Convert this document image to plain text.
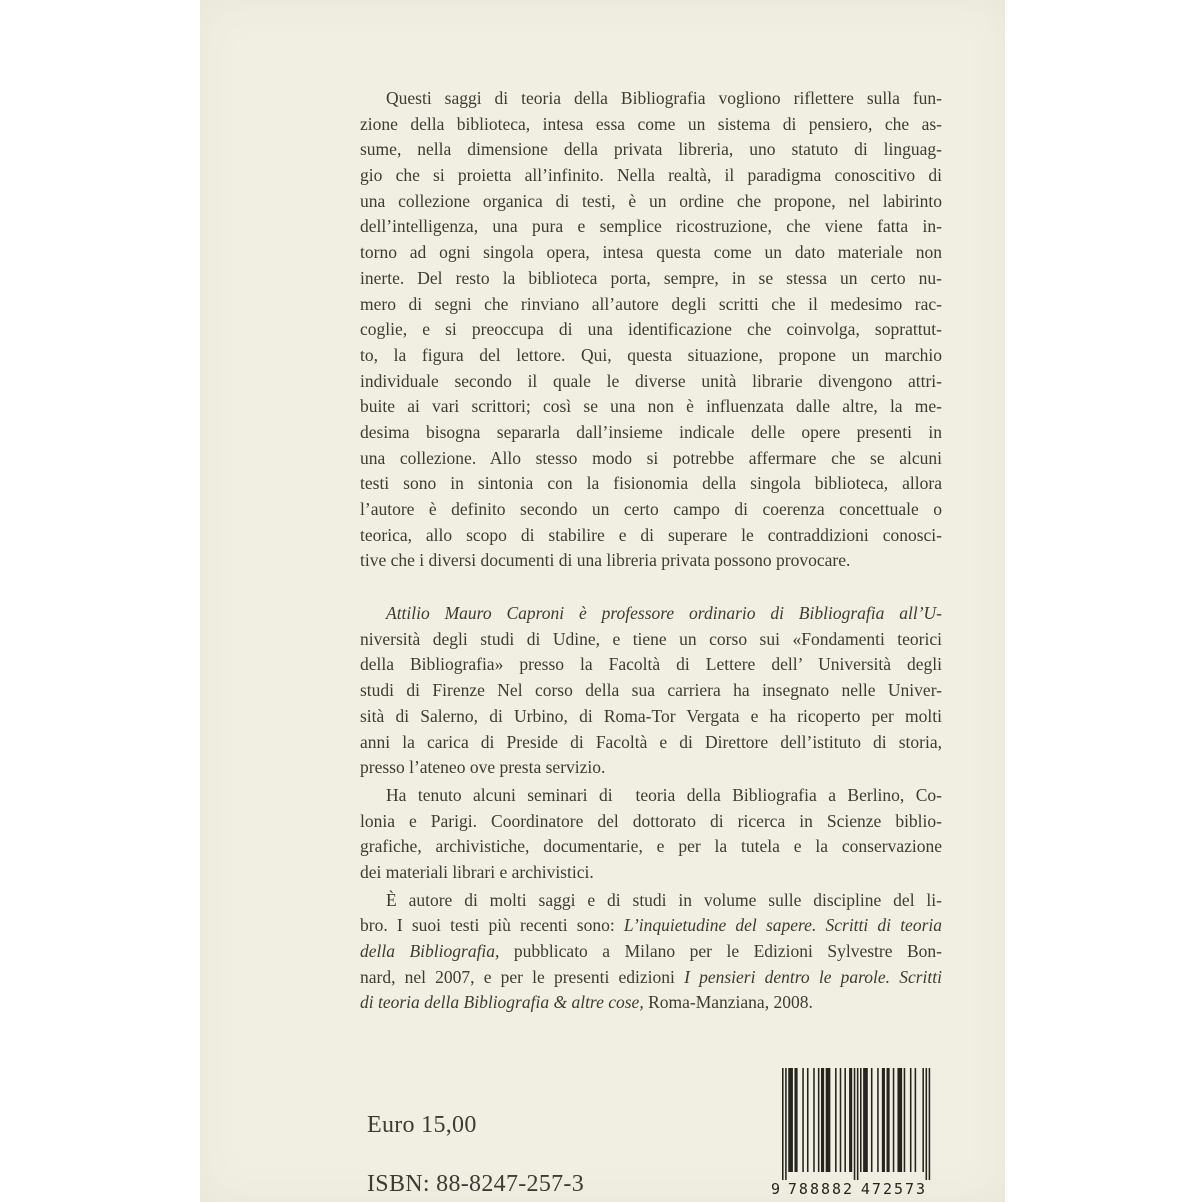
Questi saggi di teoria della Bibliografia vogliono riflettere sulla fun-
zione della biblioteca, intesa essa come un sistema di pensiero, che as-
sume, nella dimensione della privata libreria, uno statuto di linguag-
gio che si proietta all’infinito. Nella realtà, il paradigma conoscitivo di
una collezione organica di testi, è un ordine che propone, nel labirinto
dell’intelligenza, una pura e semplice ricostruzione, che viene fatta in-
torno ad ogni singola opera, intesa questa come un dato materiale non
inerte. Del resto la biblioteca porta, sempre, in se stessa un certo nu-
mero di segni che rinviano all’autore degli scritti che il medesimo rac-
coglie, e si preoccupa di una identificazione che coinvolga, soprattut-
to, la figura del lettore. Qui, questa situazione, propone un marchio
individuale secondo il quale le diverse unità librarie divengono attri-
buite ai vari scrittori; così se una non è influenzata dalle altre, la me-
desima bisogna separarla dall’insieme indicale delle opere presenti in
una collezione. Allo stesso modo si potrebbe affermare che se alcuni
testi sono in sintonia con la fisionomia della singola biblioteca, allora
l’autore è definito secondo un certo campo di coerenza concettuale o
teorica, allo scopo di stabilire e di superare le contraddizioni conosci-
tive che i diversi documenti di una libreria privata possono provocare.
Attilio Mauro Caproni è professore ordinario di Bibliografia all’U-
niversità degli studi di Udine, e tiene un corso sui «Fondamenti teorici
della Bibliografia» presso la Facoltà di Lettere dell’ Università degli
studi di Firenze Nel corso della sua carriera ha insegnato nelle Univer-
sità di Salerno, di Urbino, di Roma-Tor Vergata e ha ricoperto per molti
anni la carica di Preside di Facoltà e di Direttore dell’istituto di storia,
presso l’ateneo ove presta servizio.
Ha tenuto alcuni seminari di  teoria della Bibliografia a Berlino, Co-
lonia e Parigi. Coordinatore del dottorato di ricerca in Scienze biblio-
grafiche, archivistiche, documentarie, e per la tutela e la conservazione
dei materiali librari e archivistici.
È autore di molti saggi e di studi in volume sulle discipline del li-
bro. I suoi testi più recenti sono: L’inquietudine del sapere. Scritti di teoria
della Bibliografia, pubblicato a Milano per le Edizioni Sylvestre Bon-
nard, nel 2007, e per le presenti edizioni I pensieri dentro le parole. Scritti
di teoria della Bibliografia & altre cose, Roma-Manziana, 2008.
Euro 15,00
ISBN: 88-8247-257-3	9 788882 472573
